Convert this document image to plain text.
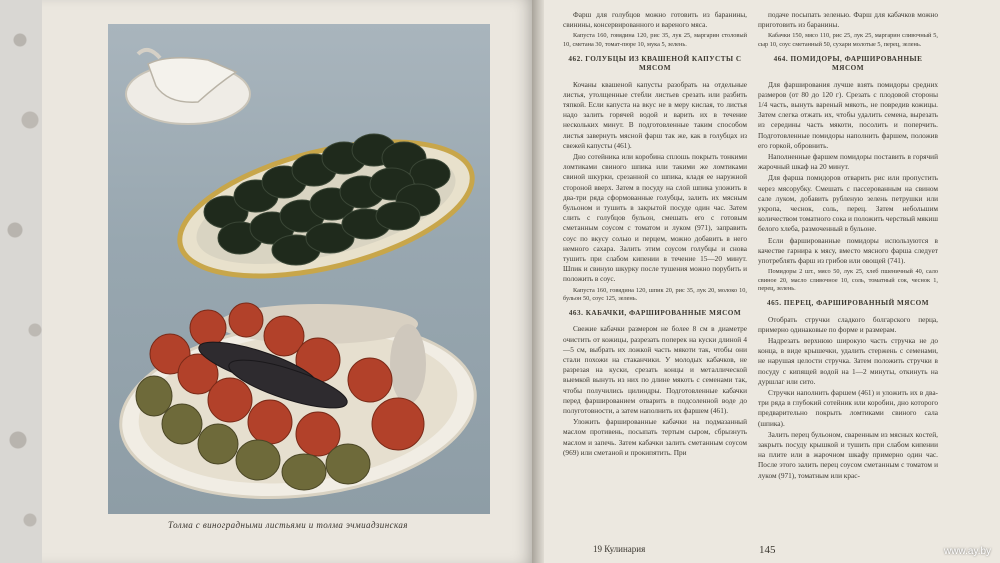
Толма с виноградными листьями и толма эчмиадзинская

Фарш для голубцов можно готовить из баранины, свинины, консервированного и вареного мяса.

Капуста 160, говядина 120, рис 35, лук 25, маргарин столовый 10, сметана 30, томат-пюре 10, мука 5, зелень.

462. ГОЛУБЦЫ ИЗ КВАШЕНОЙ КАПУСТЫ С МЯСОМ

Кочаны квашеной капусты разобрать на отдельные листья, утолщенные стебли листьев срезать или разбить тяпкой. Если капуста на вкус не в меру кислая, то листья надо залить горячей водой и варить их в течение нескольких минут. В подготовленные таким способом листья завернуть мясной фарш так же, как в голубцах из свежей капусты (461).

Дно сотейника или коробина сплошь покрыть тонкими ломтиками свиного шпика или такими же ломтиками свиной шкурки, срезанной со шпика, кладя ее наружной стороной вверх. Затем в посуду на слой шпика уложить в два-три ряда сформованные голубцы, залить их мясным бульоном и тушить в закрытой посуде один час. Затем слить с голубцов бульон, смешать его с готовым сметанным соусом с томатом и луком (971), заправить соус по вкусу солью и перцем, можно добавить в него немного сахара. Залить этим соусом голубцы и снова тушить при слабом кипении в течение 15—20 минут. Шпик и свиную шкурку после тушения можно порубить и положить в соус.

Капуста 160, говядина 120, шпик 20, рис 35, лук 20, молоко 10, бульон 50, соус 125, зелень.

463. КАБАЧКИ, ФАРШИРОВАННЫЕ МЯСОМ

Свежие кабачки размером не более 8 см в диаметре очистить от кожицы, разрезать поперек на куски длиной 4—5 см, выбрать их ложкой часть мякоти так, чтобы они стали похожи на стаканчики. У молодых кабачков, не разрезая на куски, срезать концы и металлической выемкой вынуть из них по длине мякоть с семенами так, чтобы получились цилиндры. Подготовленные кабачки перед фаршированием отварить в подсоленной воде до полуготовности, а затем наполнить их фаршем (461).

Уложить фаршированные кабачки на подмазанный маслом противень, посыпать тертым сыром, сбрызнуть маслом и запечь. Затем кабачки залить сметанным соусом (969) или сметаной и прокипятить. При

подаче посыпать зеленью. Фарш для кабачков можно приготовить из баранины.

Кабачки 150, мясо 110, рис 25, лук 25, маргарин сливочный 5, сыр 10, соус сметанный 50, сухари молотые 5, перец, зелень.

464. ПОМИДОРЫ, ФАРШИРОВАННЫЕ МЯСОМ

Для фарширования лучше взять помидоры средних размеров (от 80 до 120 г). Срезать с плодовой стороны 1/4 часть, вынуть вареный мякоть, не повредив кожицы. Затем слегка отжать их, чтобы удалить семена, вырезать из середины часть мякоти, посолить и поперчить. Подготовленные помидоры наполнить фаршем, положив его горкой, обровнить.

Наполненные фаршем помидоры поставить в горячий жарочный шкаф на 20 минут.

Для фарша помидоров отварить рис или пропустить через мясорубку. Смешать с пассерованным на свином сале луком, добавить рубленую зелень петрушки или укропа, чеснок, соль, перец. Затем небольшим количеством томатного сока и положить черствый мякиш белого хлеба, размоченный в бульоне.

Если фаршированные помидоры используются в качестве гарнира к мясу, вместо мясного фарша следует употреблять фарш из грибов или овощей (741).

Помидоры 2 шт., мясо 50, лук 25, хлеб пшеничный 40, сало свиное 20, масло сливочное 10, соль, томатный сок, чеснок 1, перец, зелень.

465. ПЕРЕЦ, ФАРШИРОВАННЫЙ МЯСОМ

Отобрать стручки сладкого болгарского перца, примерно одинаковые по форме и размерам.

Надрезать верхнюю широкую часть стручка не до конца, в виде крышечки, удалить стержень с семенами, не нарушая целости стручка. Затем положить стручки в посуду с кипящей водой на 1—2 минуты, откинуть на дуршлаг или сито.

Стручки наполнить фаршем (461) и уложить их в два-три ряда в глубокий сотейник или коробин, дно которого предварительно покрыть ломтиками свиного сала (шпика).

Залить перец бульоном, сваренным из мясных костей, закрыть посуду крышкой и тушить при слабом кипении на плите или в жарочном шкафу примерно один час. После этого залить перец соусом сметанным с томатом и луком (971), томатным или крас-

19 Кулинария	145	www.ay.by
